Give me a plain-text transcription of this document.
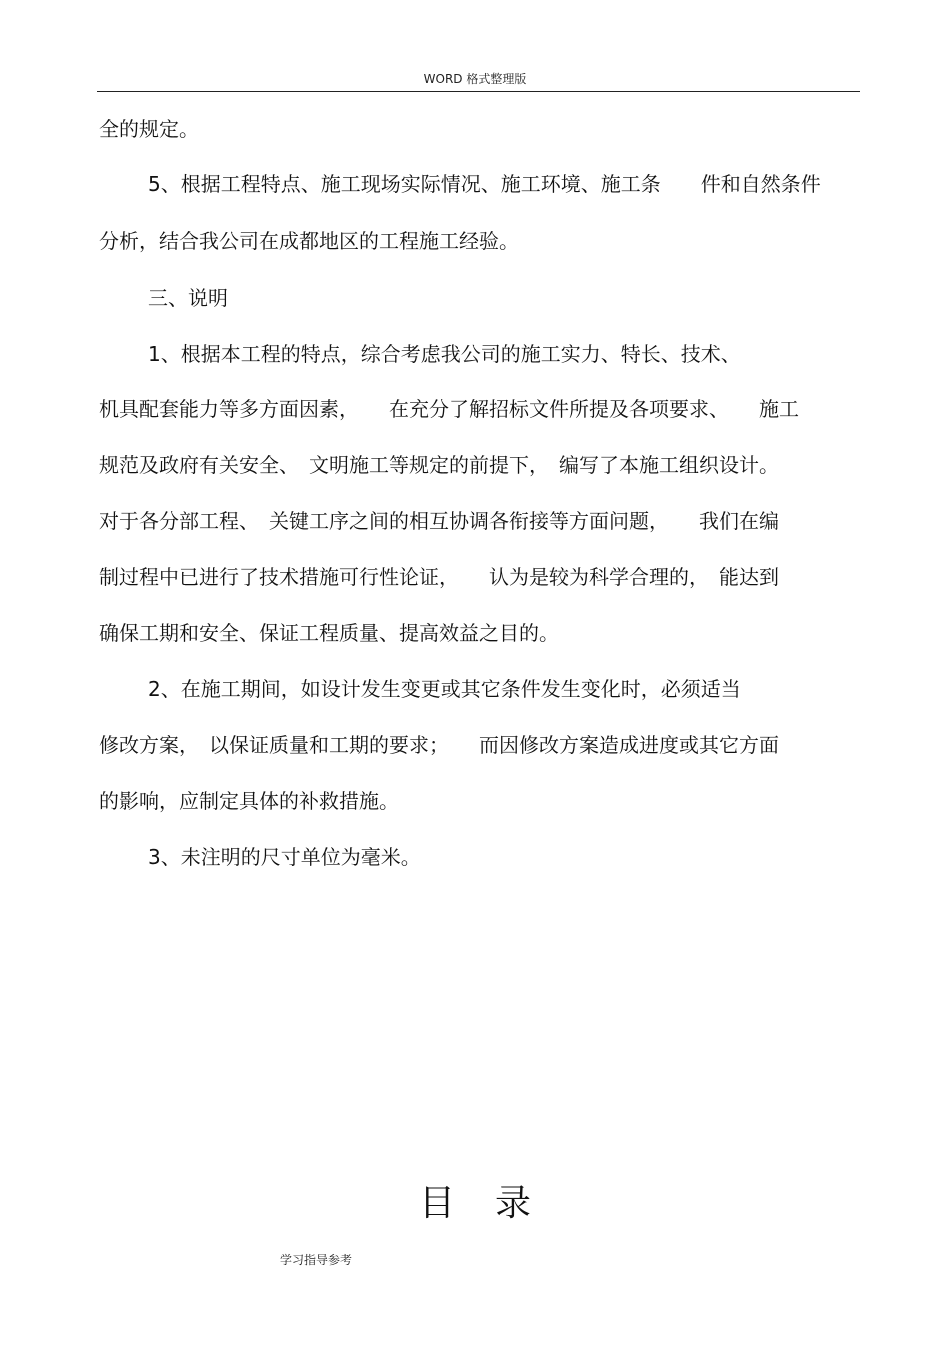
WORD 格式整理版
全的规定。
5、根据工程特点、施工现场实际情况、施工环境、施工条　　件和自然条件
分析，结合我公司在成都地区的工程施工经验。
三、说明
1、根据本工程的特点，综合考虑我公司的施工实力、特长、技术、
机具配套能力等多方面因素，　　在充分了解招标文件所提及各项要求、　　施工
规范及政府有关安全、　文明施工等规定的前提下，　编写了本施工组织设计。
对于各分部工程、　关键工序之间的相互协调各衔接等方面问题，　　我们在编
制过程中已进行了技术措施可行性论证，　　认为是较为科学合理的，　能达到
确保工期和安全、保证工程质量、提高效益之目的。
2、在施工期间，如设计发生变更或其它条件发生变化时，必须适当
修改方案，　以保证质量和工期的要求；　　而因修改方案造成进度或其它方面
的影响，应制定具体的补救措施。
3、未注明的尺寸单位为毫米。
目录
学习指导参考
